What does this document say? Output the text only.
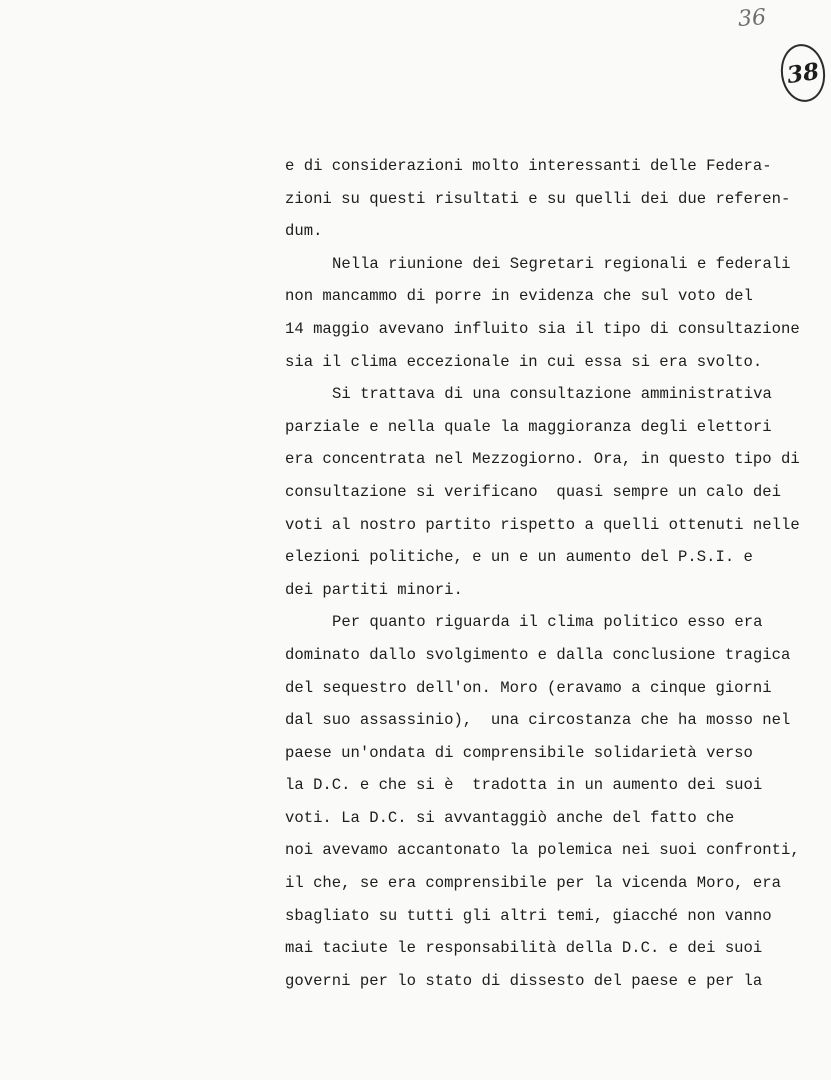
36
38
e di considerazioni molto interessanti delle Federa-
zioni su questi risultati e su quelli dei due referen-
dum.
Nella riunione dei Segretari regionali e federali
non mancammo di porre in evidenza che sul voto del
14 maggio avevano influito sia il tipo di consultazione
sia il clima eccezionale in cui essa si era svolto.
Si trattava di una consultazione amministrativa
parziale e nella quale la maggioranza degli elettori
era concentrata nel Mezzogiorno. Ora, in questo tipo di
consultazione si verificano  quasi sempre un calo dei
voti al nostro partito rispetto a quelli ottenuti nelle
elezioni politiche, e un e un aumento del P.S.I. e
dei partiti minori.
Per quanto riguarda il clima politico esso era
dominato dallo svolgimento e dalla conclusione tragica
del sequestro dell'on. Moro (eravamo a cinque giorni
dal suo assassinio),  una circostanza che ha mosso nel
paese un'ondata di comprensibile solidarietà verso
la D.C. e che si è  tradotta in un aumento dei suoi
voti. La D.C. si avvantaggiò anche del fatto che
noi avevamo accantonato la polemica nei suoi confronti,
il che, se era comprensibile per la vicenda Moro, era
sbagliato su tutti gli altri temi, giacché non vanno
mai taciute le responsabilità della D.C. e dei suoi
governi per lo stato di dissesto del paese e per la
